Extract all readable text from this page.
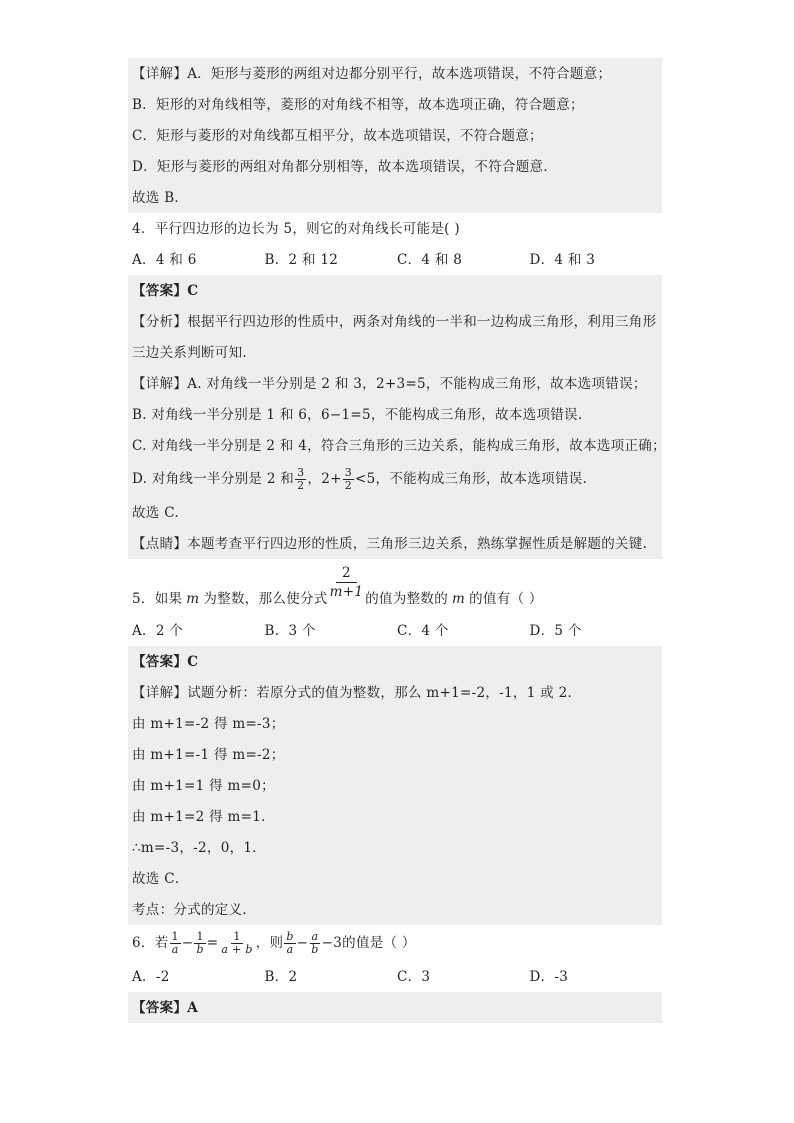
【详解】A．矩形与菱形的两组对边都分别平行，故本选项错误，不符合题意；
B．矩形的对角线相等，菱形的对角线不相等，故本选项正确，符合题意；
C．矩形与菱形的对角线都互相平分，故本选项错误，不符合题意；
D．矩形与菱形的两组对角都分别相等，故本选项错误，不符合题意．
故选 B．
4．平行四边形的边长为 5，则它的对角线长可能是( )
A．4 和 6	B．2 和 12	C．4 和 8	D．4 和 3
【答案】C
【分析】根据平行四边形的性质中，两条对角线的一半和一边构成三角形，利用三角形
三边关系判断可知.
【详解】A. 对角线一半分别是 2 和 3，2+3=5，不能构成三角形，故本选项错误；
B. 对角线一半分别是 1 和 6，6−1=5，不能构成三角形，故本选项错误.
C. 对角线一半分别是 2 和 4，符合三角形的三边关系，能构成三角形，故本选项正确；
D. 对角线一半分别是 2 和 $\frac{3}{2}$ ，$2+ \frac{3}{2} <5$，不能构成三角形，故本选项错误.
故选 C.
【点睛】本题考查平行四边形的性质，三角形三边关系，熟练掌握性质是解题的关键.
5．如果 m 为整数，那么使分式 $\frac{2}{m+1}$ 的值为整数的 m 的值有（ ）
A．2 个	B．3 个	C．4 个	D．5 个
【答案】C
【详解】试题分析：若原分式的值为整数，那么 m+1=-2，-1，1 或 2．
由 m+1=-2 得 m=-3；
由 m+1=-1 得 m=-2；
由 m+1=1 得 m=0；
由 m+1=2 得 m=1．
∴m=-3，-2，0，1．
故选 C．
考点：分式的定义．
6．若 $\frac{1}{a} - \frac{1}{b} = \frac{1}{a + b}$ ，则 $\frac{b}{a} - \frac{a}{b} -3$的值是（ ）
A．-2	B．2	C．3	D．-3
【答案】A
